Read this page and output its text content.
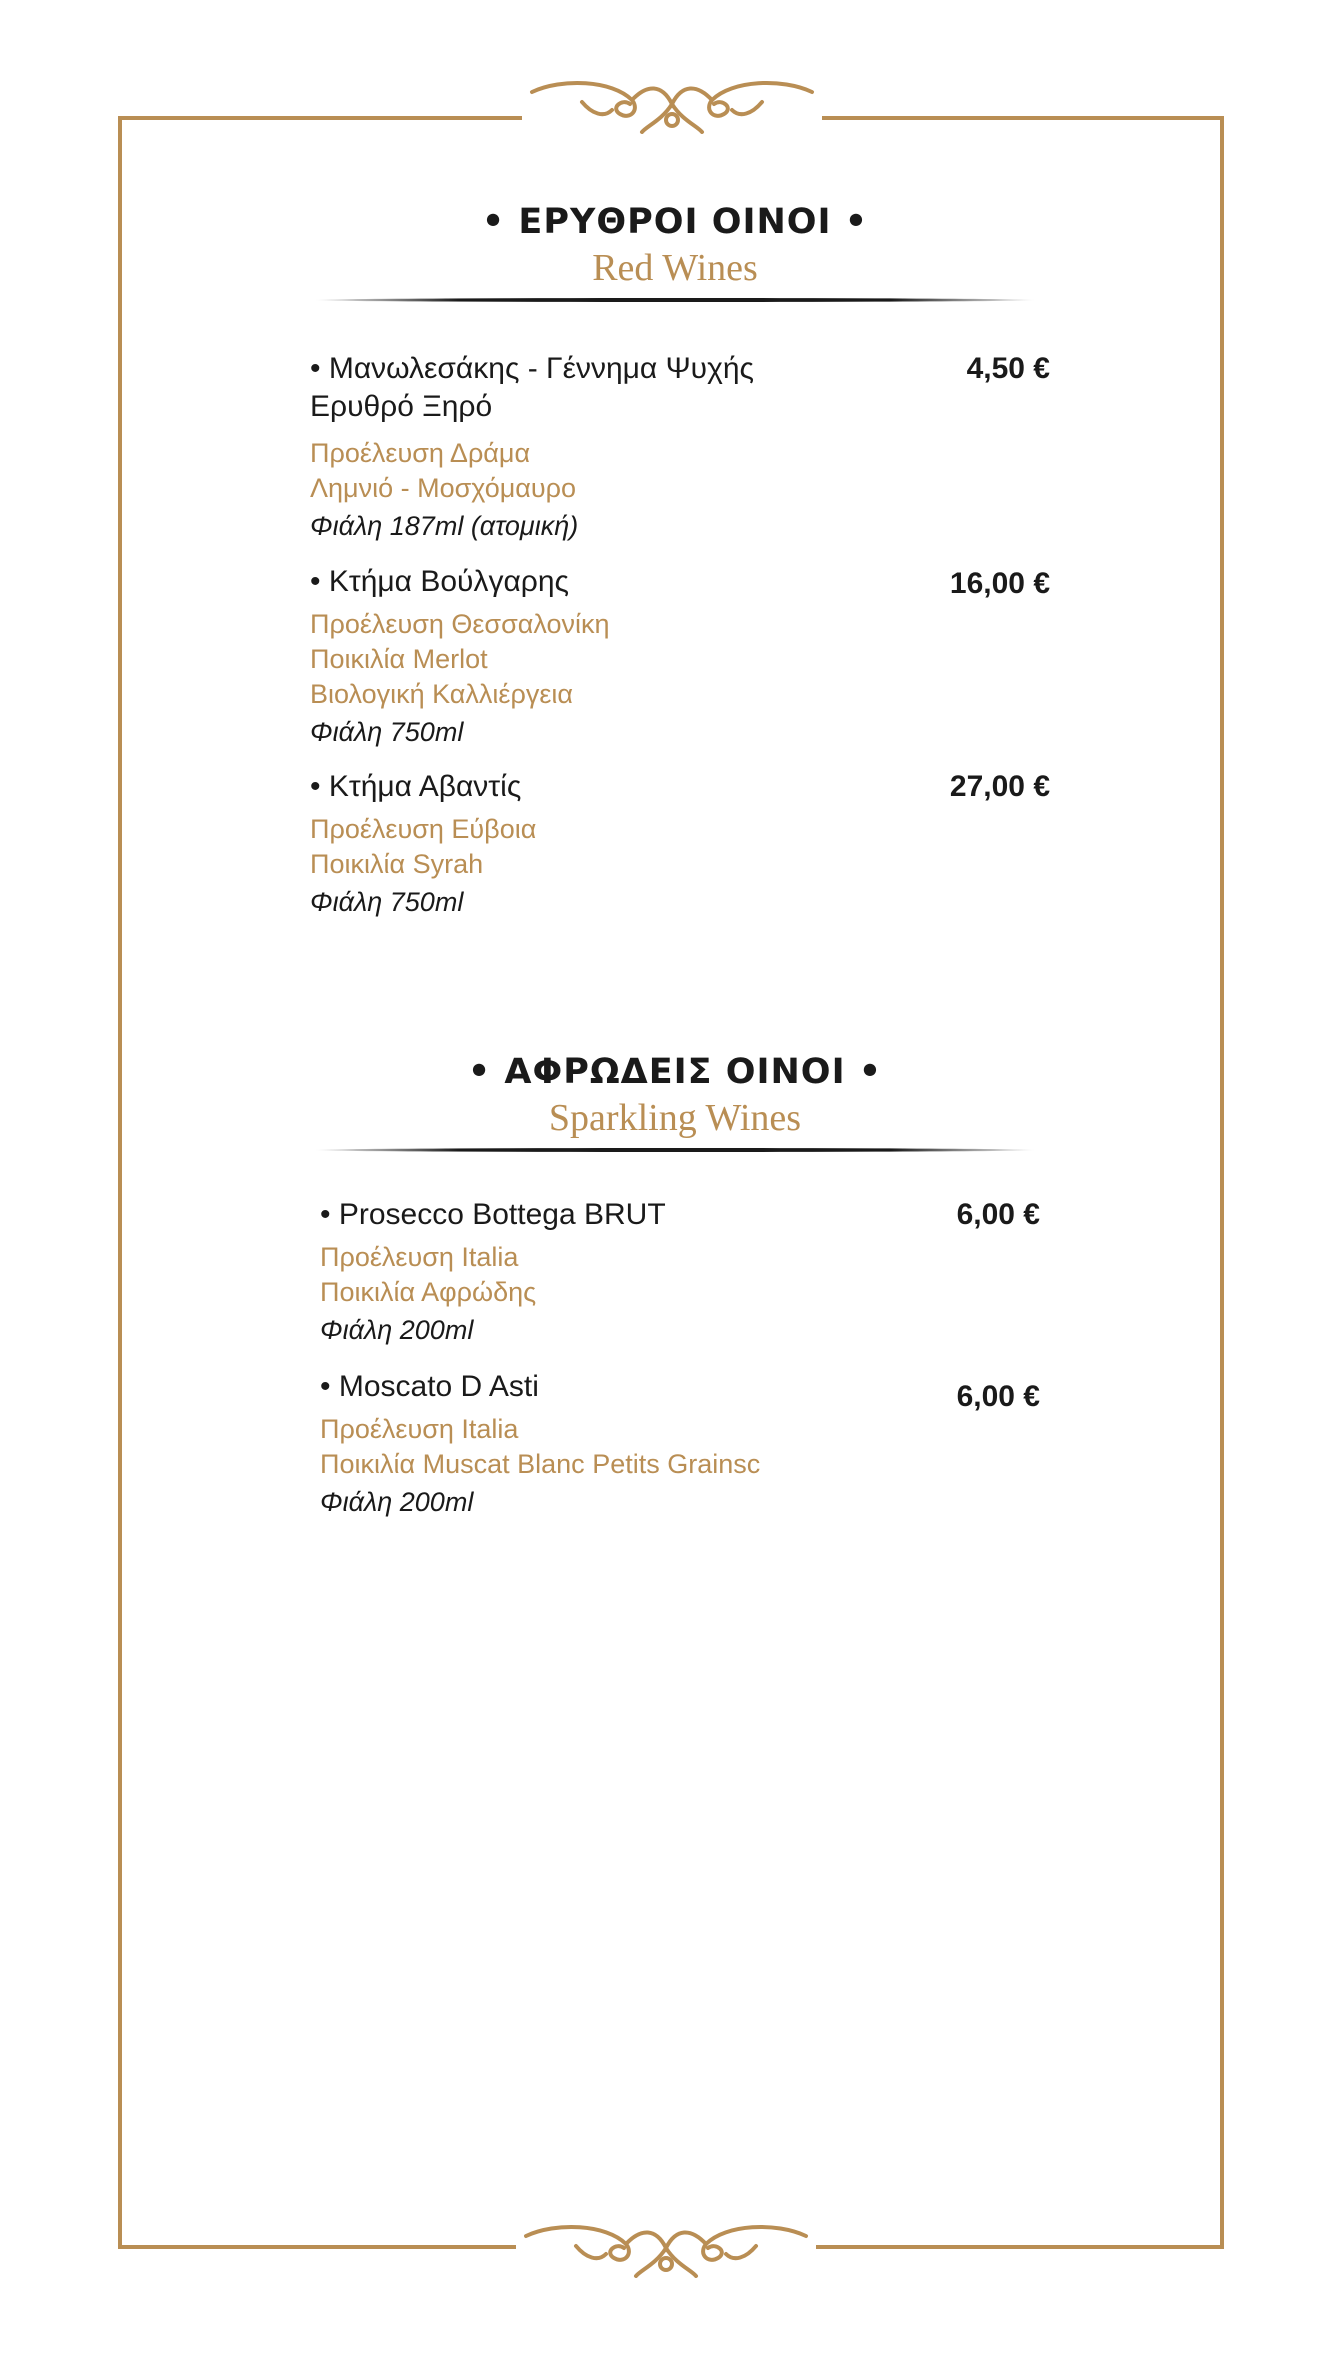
• ΕΡΥΘΡΟΙ ΟΙΝΟΙ •
Red Wines
• Μανωλεσάκης - Γέννημα Ψυχής
Ερυθρό Ξηρό
4,50 €
Προέλευση Δράμα
Λημνιό - Μοσχόμαυρο
Φιάλη 187ml (ατομική)
• Κτήμα Βούλγαρης	16,00 €
Προέλευση Θεσσαλονίκη
Ποικιλία Merlot
Βιολογική Καλλιέργεια
Φιάλη 750ml
• Κτήμα Αβαντίς	27,00 €
Προέλευση Εύβοια
Ποικιλία Syrah
Φιάλη 750ml
• ΑΦΡΩΔΕΙΣ ΟΙΝΟΙ •
Sparkling Wines
• Prosecco Bottega BRUT	6,00 €
Προέλευση Italia
Ποικιλία Αφρώδης
Φιάλη 200ml
• Moscato D Asti	6,00 €
Προέλευση Italia
Ποικιλία Muscat Blanc Petits Grainsc
Φιάλη 200ml
